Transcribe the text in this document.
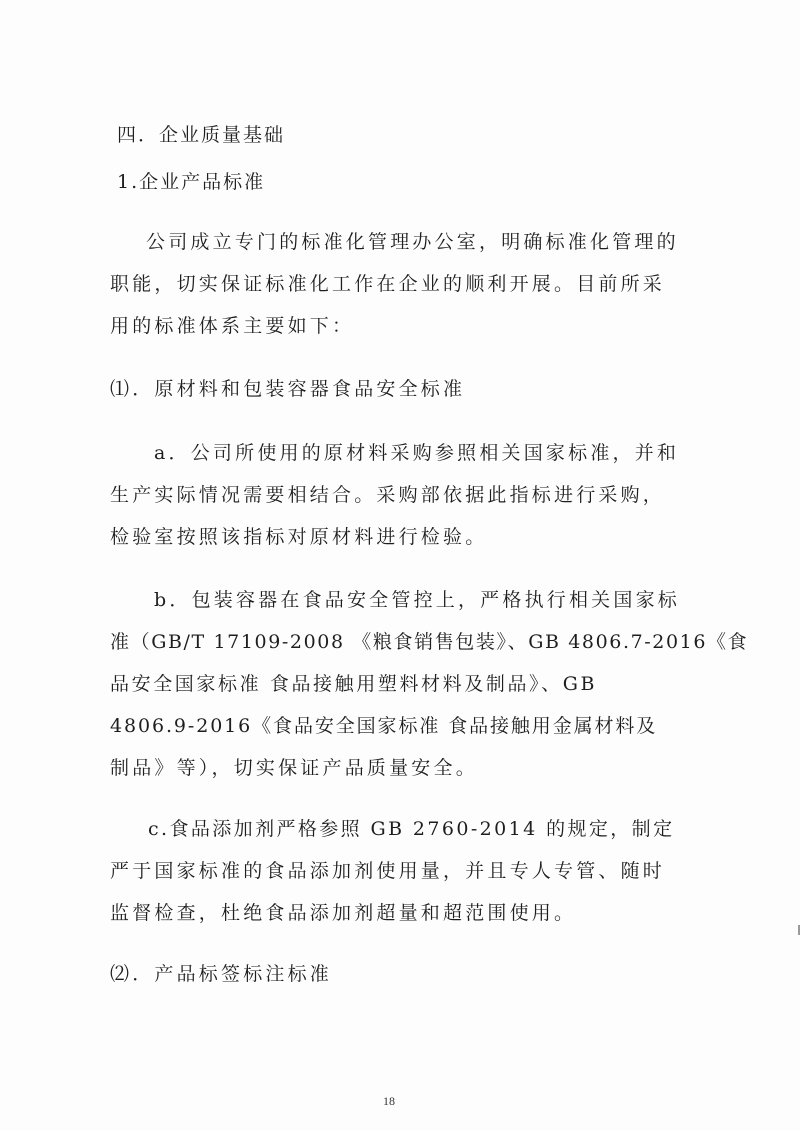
四．企业质量基础
1.企业产品标准
公司成立专门的标准化管理办公室，明确标准化管理的
职能，切实保证标准化工作在企业的顺利开展。目前所采
用的标准体系主要如下：
⑴．原材料和包装容器食品安全标准
a．公司所使用的原材料采购参照相关国家标准，并和
生产实际情况需要相结合。采购部依据此指标进行采购，
检验室按照该指标对原材料进行检验。
b．包装容器在食品安全管控上，严格执行相关国家标
准（GB/T 17109-2008 《粮食销售包装》、GB 4806.7-2016《食
品安全国家标准 食品接触用塑料材料及制品》、GB
4806.9-2016《食品安全国家标准 食品接触用金属材料及
制品》等），切实保证产品质量安全。
c.食品添加剂严格参照 GB 2760-2014 的规定，制定
严于国家标准的食品添加剂使用量，并且专人专管、随时
监督检查，杜绝食品添加剂超量和超范围使用。
⑵．产品标签标注标准
18
